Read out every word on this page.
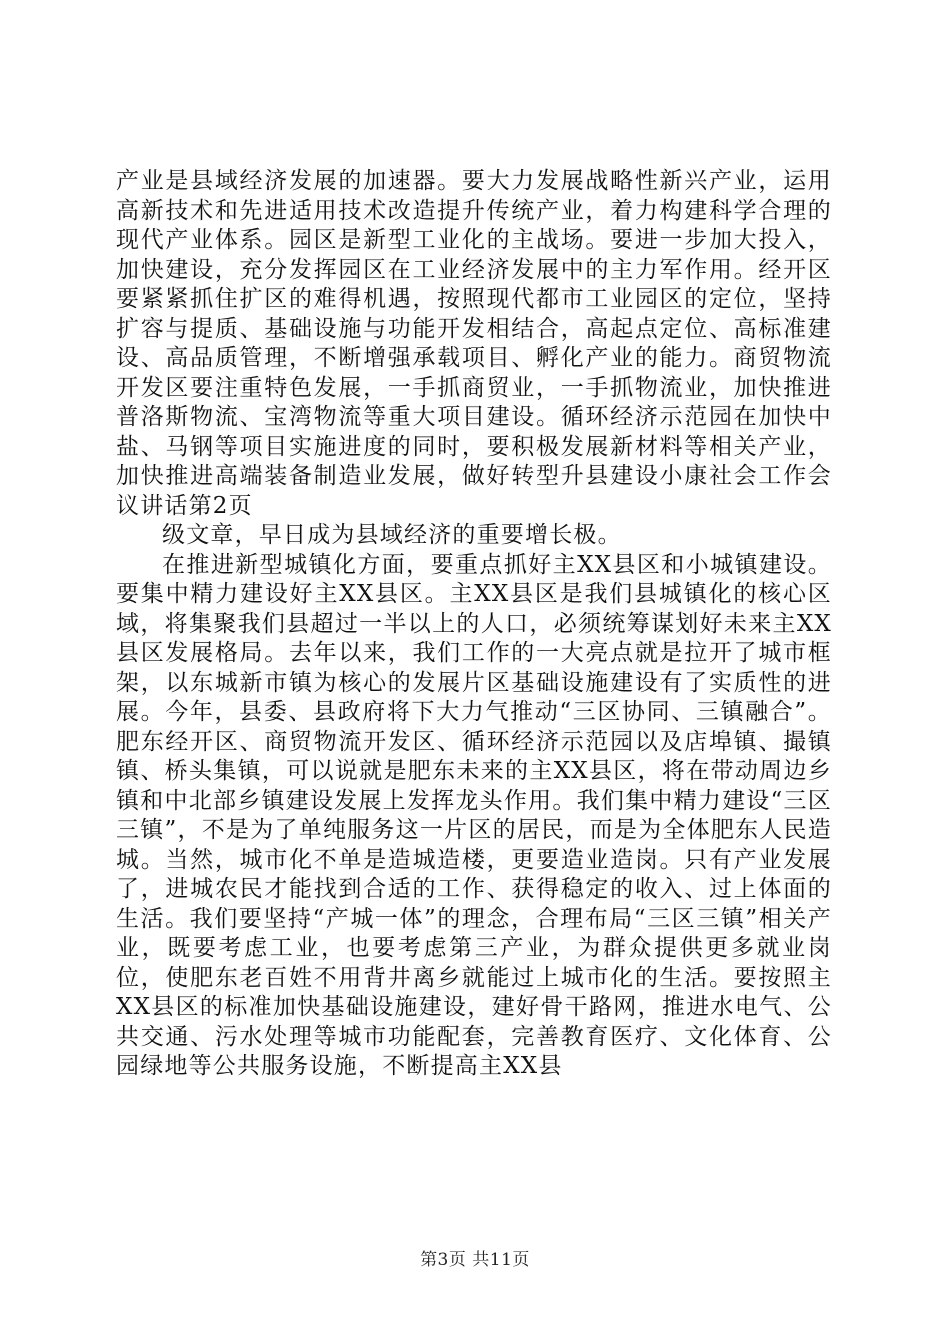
产业是县域经济发展的加速器。要大力发展战略性新兴产业，运用高新技术和先进适用技术改造提升传统产业，着力构建科学合理的现代产业体系。园区是新型工业化的主战场。要进一步加大投入，加快建设，充分发挥园区在工业经济发展中的主力军作用。经开区要紧紧抓住扩区的难得机遇，按照现代都市工业园区的定位，坚持扩容与提质、基础设施与功能开发相结合，高起点定位、高标准建设、高品质管理，不断增强承载项目、孵化产业的能力。商贸物流开发区要注重特色发展，一手抓商贸业，一手抓物流业，加快推进普洛斯物流、宝湾物流等重大项目建设。循环经济示范园在加快中盐、马钢等项目实施进度的同时，要积极发展新材料等相关产业，加快推进高端装备制造业发展，做好转型升县建设小康社会工作会议讲话第2页

级文章，早日成为县域经济的重要增长极。

在推进新型城镇化方面，要重点抓好主XX县区和小城镇建设。要集中精力建设好主XX县区。主XX县区是我们县城镇化的核心区域，将集聚我们县超过一半以上的人口，必须统筹谋划好未来主XX县区发展格局。去年以来，我们工作的一大亮点就是拉开了城市框架，以东城新市镇为核心的发展片区基础设施建设有了实质性的进展。今年，县委、县政府将下大力气推动“三区协同、三镇融合”。肥东经开区、商贸物流开发区、循环经济示范园以及店埠镇、撮镇镇、桥头集镇，可以说就是肥东未来的主XX县区，将在带动周边乡镇和中北部乡镇建设发展上发挥龙头作用。我们集中精力建设“三区三镇”，不是为了单纯服务这一片区的居民，而是为全体肥东人民造城。当然，城市化不单是造城造楼，更要造业造岗。只有产业发展了，进城农民才能找到合适的工作、获得稳定的收入、过上体面的生活。我们要坚持“产城一体”的理念，合理布局“三区三镇”相关产业，既要考虑工业，也要考虑第三产业，为群众提供更多就业岗位，使肥东老百姓不用背井离乡就能过上城市化的生活。要按照主XX县区的标准加快基础设施建设，建好骨干路网，推进水电气、公共交通、污水处理等城市功能配套，完善教育医疗、文化体育、公园绿地等公共服务设施，不断提高主XX县

第3页 共11页
